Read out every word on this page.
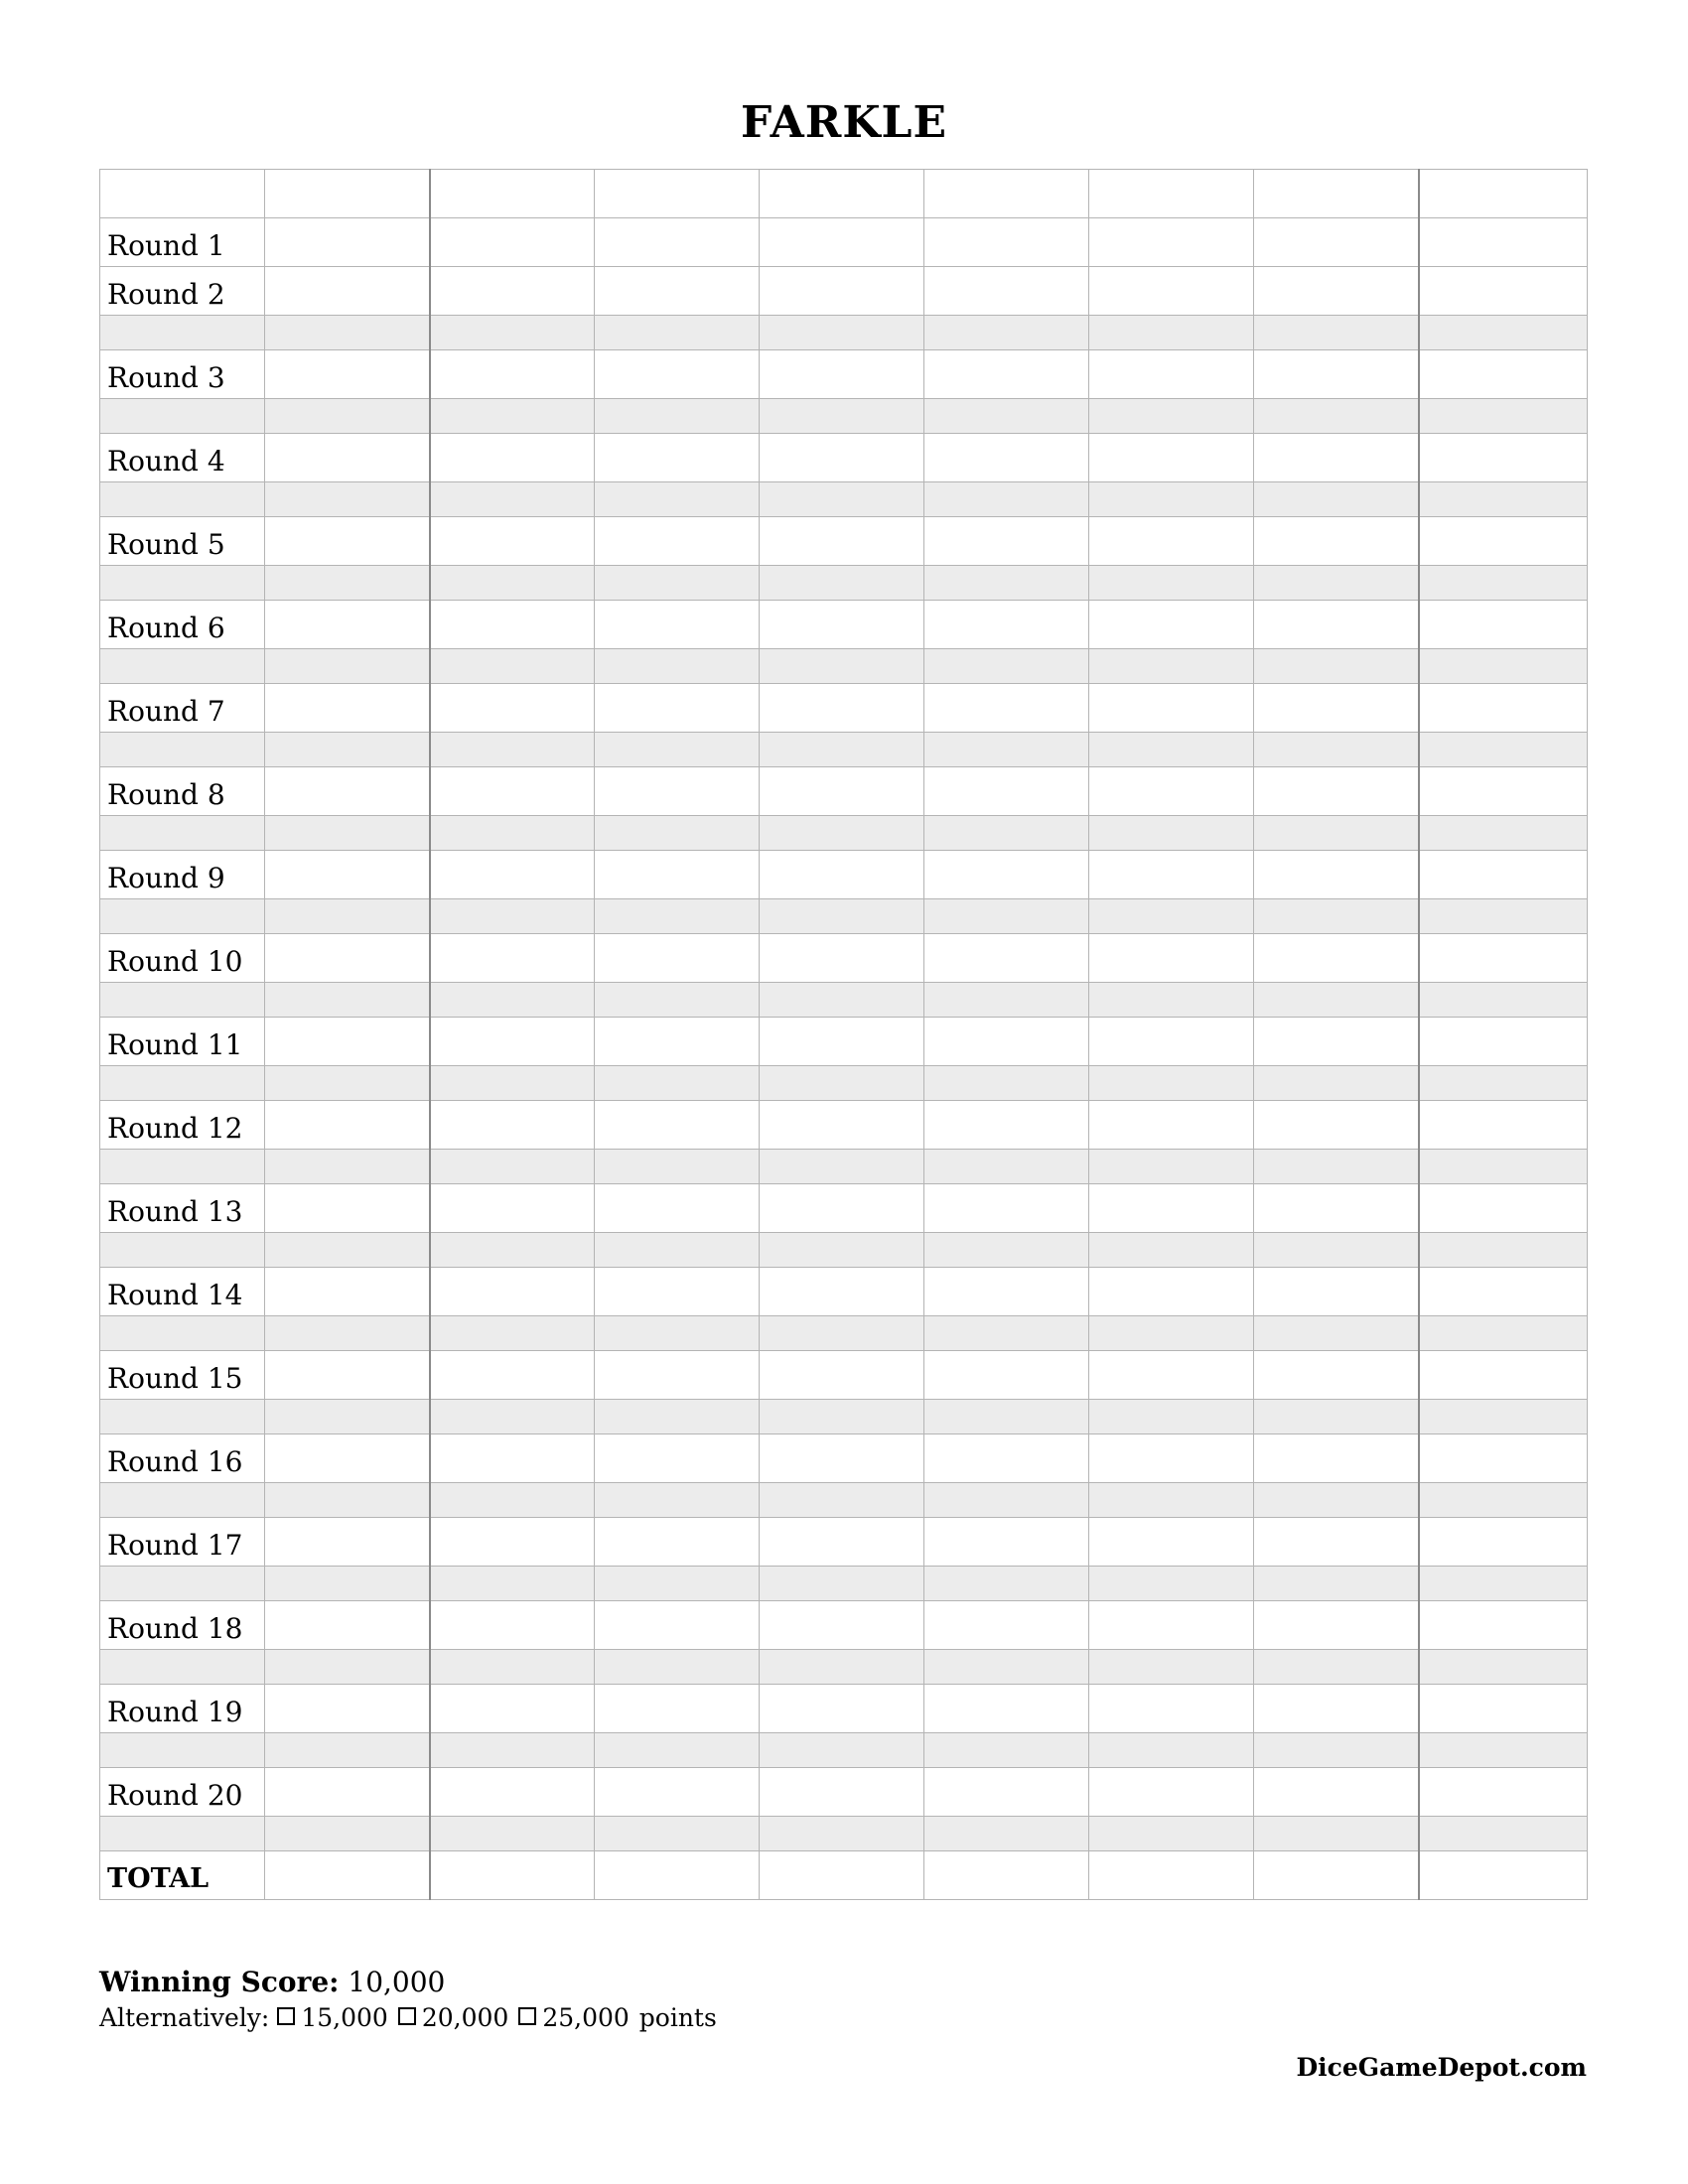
FARKLE

Round 1								
Round 2								

Round 3								

Round 4								

Round 5								

Round 6								

Round 7								

Round 8								

Round 9								

Round 10								

Round 11								

Round 12								

Round 13								

Round 14								

Round 15								

Round 16								

Round 17								

Round 18								

Round 19								

Round 20								

TOTAL								
Winning Score: 10,000
Alternatively: 15,000 20,000 25,000 points
DiceGameDepot.com
